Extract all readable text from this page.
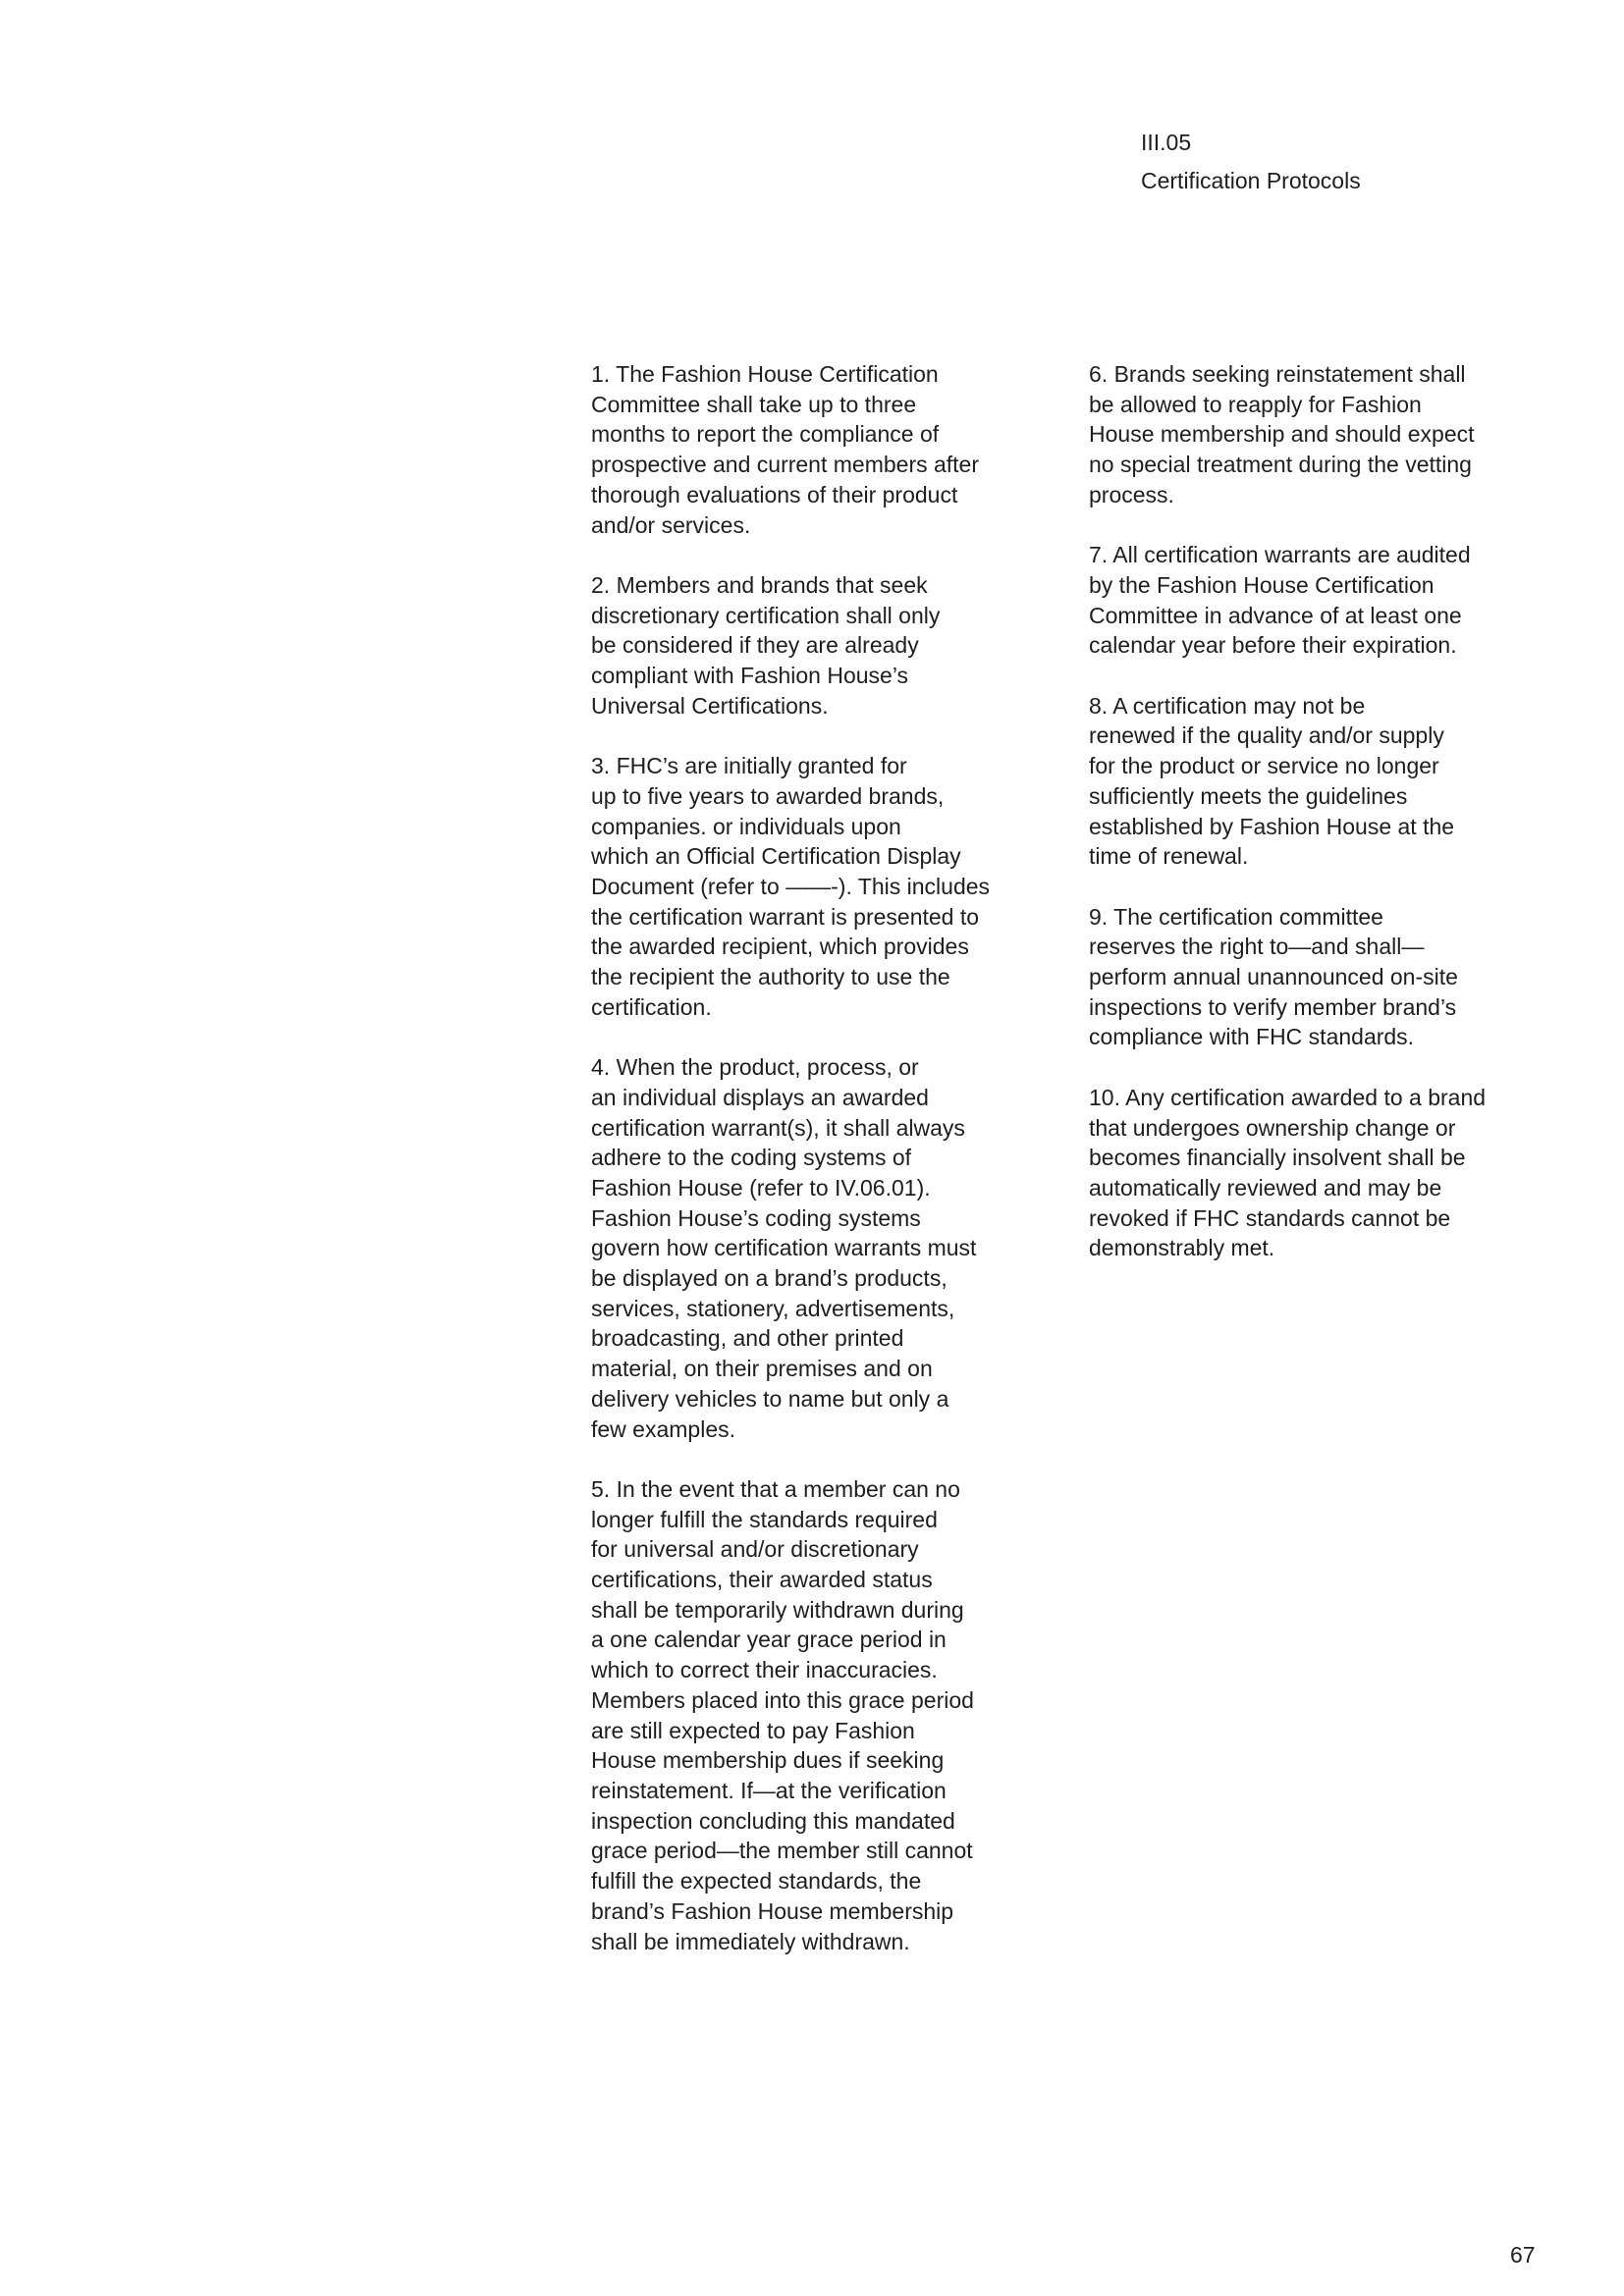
III.05
Certification Protocols

1. The Fashion House Certification
Committee shall take up to three
months to report the compliance of
prospective and current members after
thorough evaluations of their product
and/or services.

2. Members and brands that seek
discretionary certification shall only
be considered if they are already
compliant with Fashion House’s
Universal Certifications.

3. FHC’s are initially granted for
up to five years to awarded brands,
companies. or individuals upon
which an Official Certification Display
Document (refer to ——-). This includes
the certification warrant is presented to
the awarded recipient, which provides
the recipient the authority to use the
certification.

4. When the product, process, or
an individual displays an awarded
certification warrant(s), it shall always
adhere to the coding systems of
Fashion House (refer to IV.06.01).
Fashion House’s coding systems
govern how certification warrants must
be displayed on a brand’s products,
services, stationery, advertisements,
broadcasting, and other printed
material, on their premises and on
delivery vehicles to name but only a
few examples.

5. In the event that a member can no
longer fulfill the standards required
for universal and/or discretionary
certifications, their awarded status
shall be temporarily withdrawn during
a one calendar year grace period in
which to correct their inaccuracies.
Members placed into this grace period
are still expected to pay Fashion
House membership dues if seeking
reinstatement. If—at the verification
inspection concluding this mandated
grace period—the member still cannot
fulfill the expected standards, the
brand’s Fashion House membership
shall be immediately withdrawn.

6. Brands seeking reinstatement shall
be allowed to reapply for Fashion
House membership and should expect
no special treatment during the vetting
process.

7. All certification warrants are audited
by the Fashion House Certification
Committee in advance of at least one
calendar year before their expiration.

8. A certification may not be
renewed if the quality and/or supply
for the product or service no longer
sufficiently meets the guidelines
established by Fashion House at the
time of renewal.

9. The certification committee
reserves the right to—and shall—
perform annual unannounced on-site
inspections to verify member brand’s
compliance with FHC standards.

10. Any certification awarded to a brand
that undergoes ownership change or
becomes financially insolvent shall be
automatically reviewed and may be
revoked if FHC standards cannot be
demonstrably met.

67
